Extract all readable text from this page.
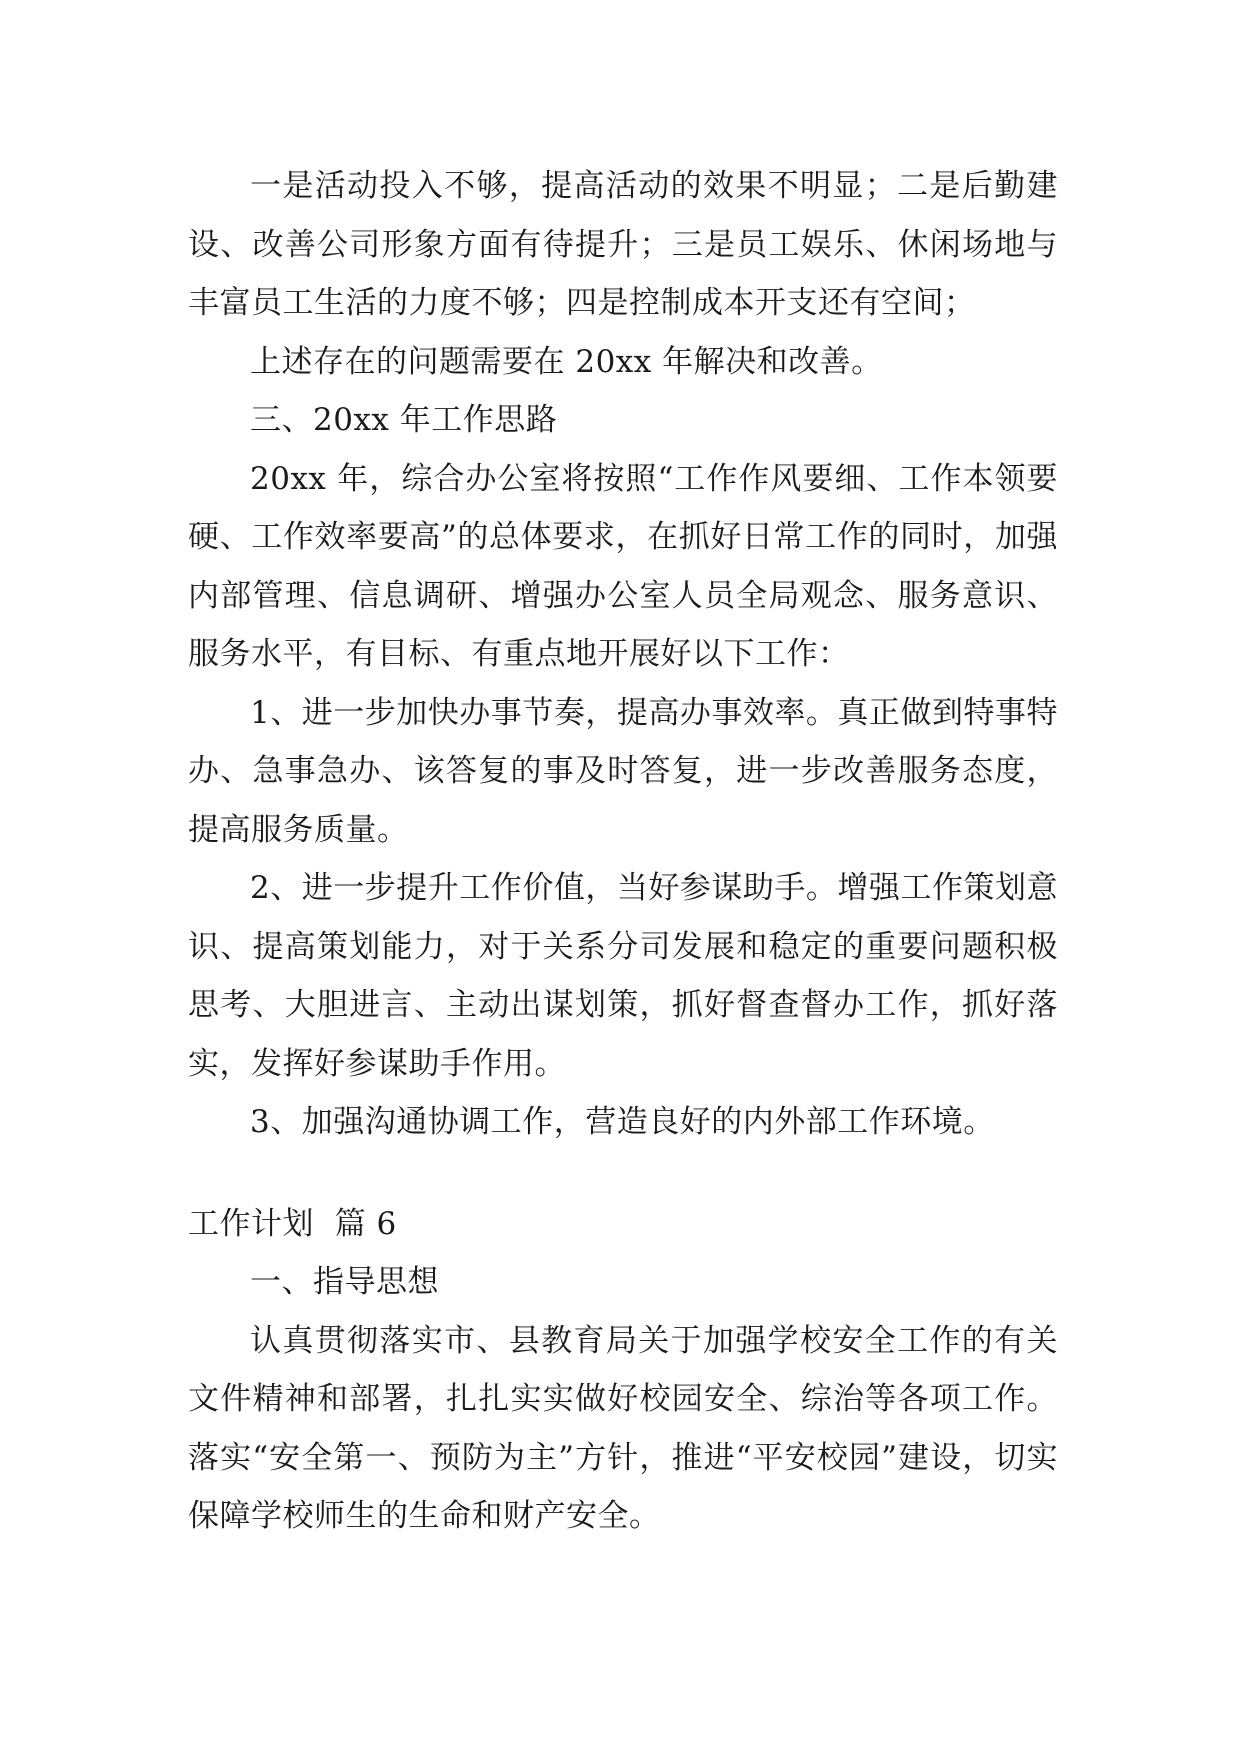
一是活动投入不够，提高活动的效果不明显；二是后勤建设、改善公司形象方面有待提升；三是员工娱乐、休闲场地与丰富员工生活的力度不够；四是控制成本开支还有空间；

上述存在的问题需要在 20xx 年解决和改善。

三、20xx 年工作思路

20xx 年，综合办公室将按照“工作作风要细、工作本领要硬、工作效率要高”的总体要求，在抓好日常工作的同时，加强内部管理、信息调研、增强办公室人员全局观念、服务意识、服务水平，有目标、有重点地开展好以下工作：

1、进一步加快办事节奏，提高办事效率。真正做到特事特办、急事急办、该答复的事及时答复，进一步改善服务态度，提高服务质量。

2、进一步提升工作价值，当好参谋助手。增强工作策划意识、提高策划能力，对于关系分司发展和稳定的重要问题积极思考、大胆进言、主动出谋划策，抓好督查督办工作，抓好落实，发挥好参谋助手作用。

3、加强沟通协调工作，营造良好的内外部工作环境。

工作计划  篇 6

一、指导思想

认真贯彻落实市、县教育局关于加强学校安全工作的有关文件精神和部署，扎扎实实做好校园安全、综治等各项工作。落实“安全第一、预防为主”方针，推进“平安校园”建设，切实保障学校师生的生命和财产安全。
